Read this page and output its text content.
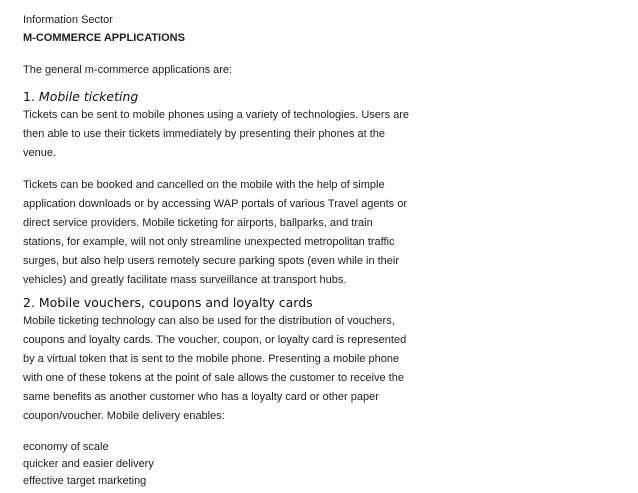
Information Sector
M-COMMERCE APPLICATIONS
The general m-commerce applications are:
1. Mobile ticketing
Tickets can be sent to mobile phones using a variety of technologies. Users are
then able to use their tickets immediately by presenting their phones at the
venue.
Tickets can be booked and cancelled on the mobile with the help of simple
application downloads or by accessing WAP portals of various Travel agents or
direct service providers. Mobile ticketing for airports, ballparks, and train
stations, for example, will not only streamline unexpected metropolitan traffic
surges, but also help users remotely secure parking spots (even while in their
vehicles) and greatly facilitate mass surveillance at transport hubs.
2. Mobile vouchers, coupons and loyalty cards
Mobile ticketing technology can also be used for the distribution of vouchers,
coupons and loyalty cards. The voucher, coupon, or loyalty card is represented
by a virtual token that is sent to the mobile phone. Presenting a mobile phone
with one of these tokens at the point of sale allows the customer to receive the
same benefits as another customer who has a loyalty card or other paper
coupon/voucher. Mobile delivery enables:
economy of scale
quicker and easier delivery
effective target marketing
